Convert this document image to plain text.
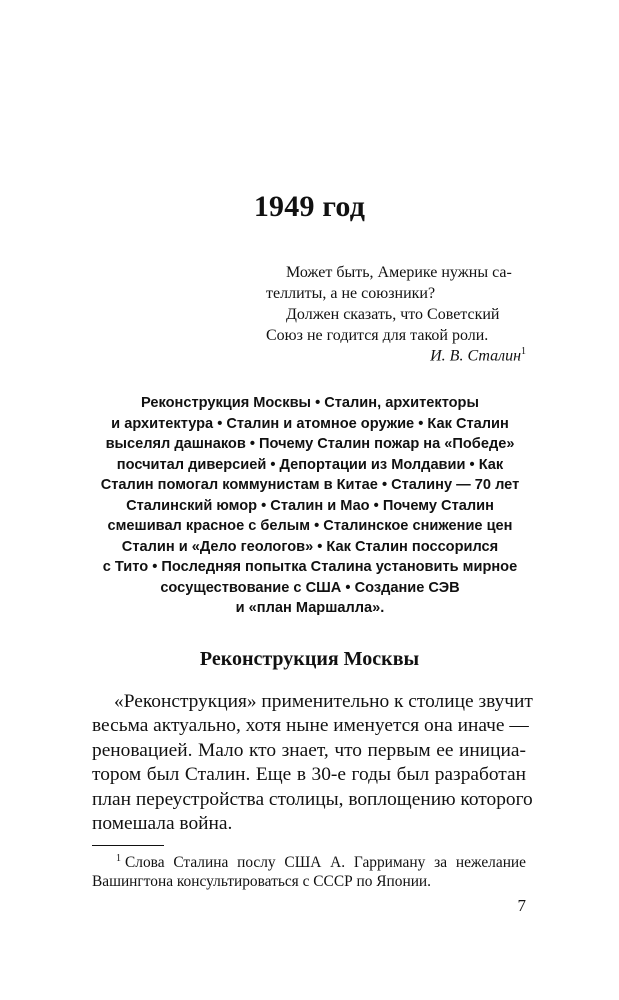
1949 год
Может быть, Америке нужны са-
теллиты, а не союзники?
Должен сказать, что Советский
Союз не годится для такой роли.
И. В. Сталин$^1$
Реконструкция Москвы • Сталин, архитекторы
и архитектура • Сталин и атомное оружие • Как Сталин
выселял дашнаков • Почему Сталин пожар на «Победе»
посчитал диверсией • Депортации из Молдавии • Как
Сталин помогал коммунистам в Китае • Сталину — 70 лет
Сталинский юмор • Сталин и Мао • Почему Сталин
смешивал красное с белым • Сталинское снижение цен
Сталин и «Дело геологов» • Как Сталин поссорился
с Тито • Последняя попытка Сталина установить мирное
сосуществование с США • Создание СЭВ
и «план Маршалла».
Реконструкция Москвы
«Реконструкция» применительно к столице звучит
весьма актуально, хотя ныне именуется она иначе —
реновацией. Мало кто знает, что первым ее инициа-
тором был Сталин. Еще в 30-е годы был разработан
план переустройства столицы, воплощению которого
помешала война.
$^1$ Слова Сталина послу США А. Гарриману за нежелание
Вашингтона консультироваться с СССР по Японии.
7
